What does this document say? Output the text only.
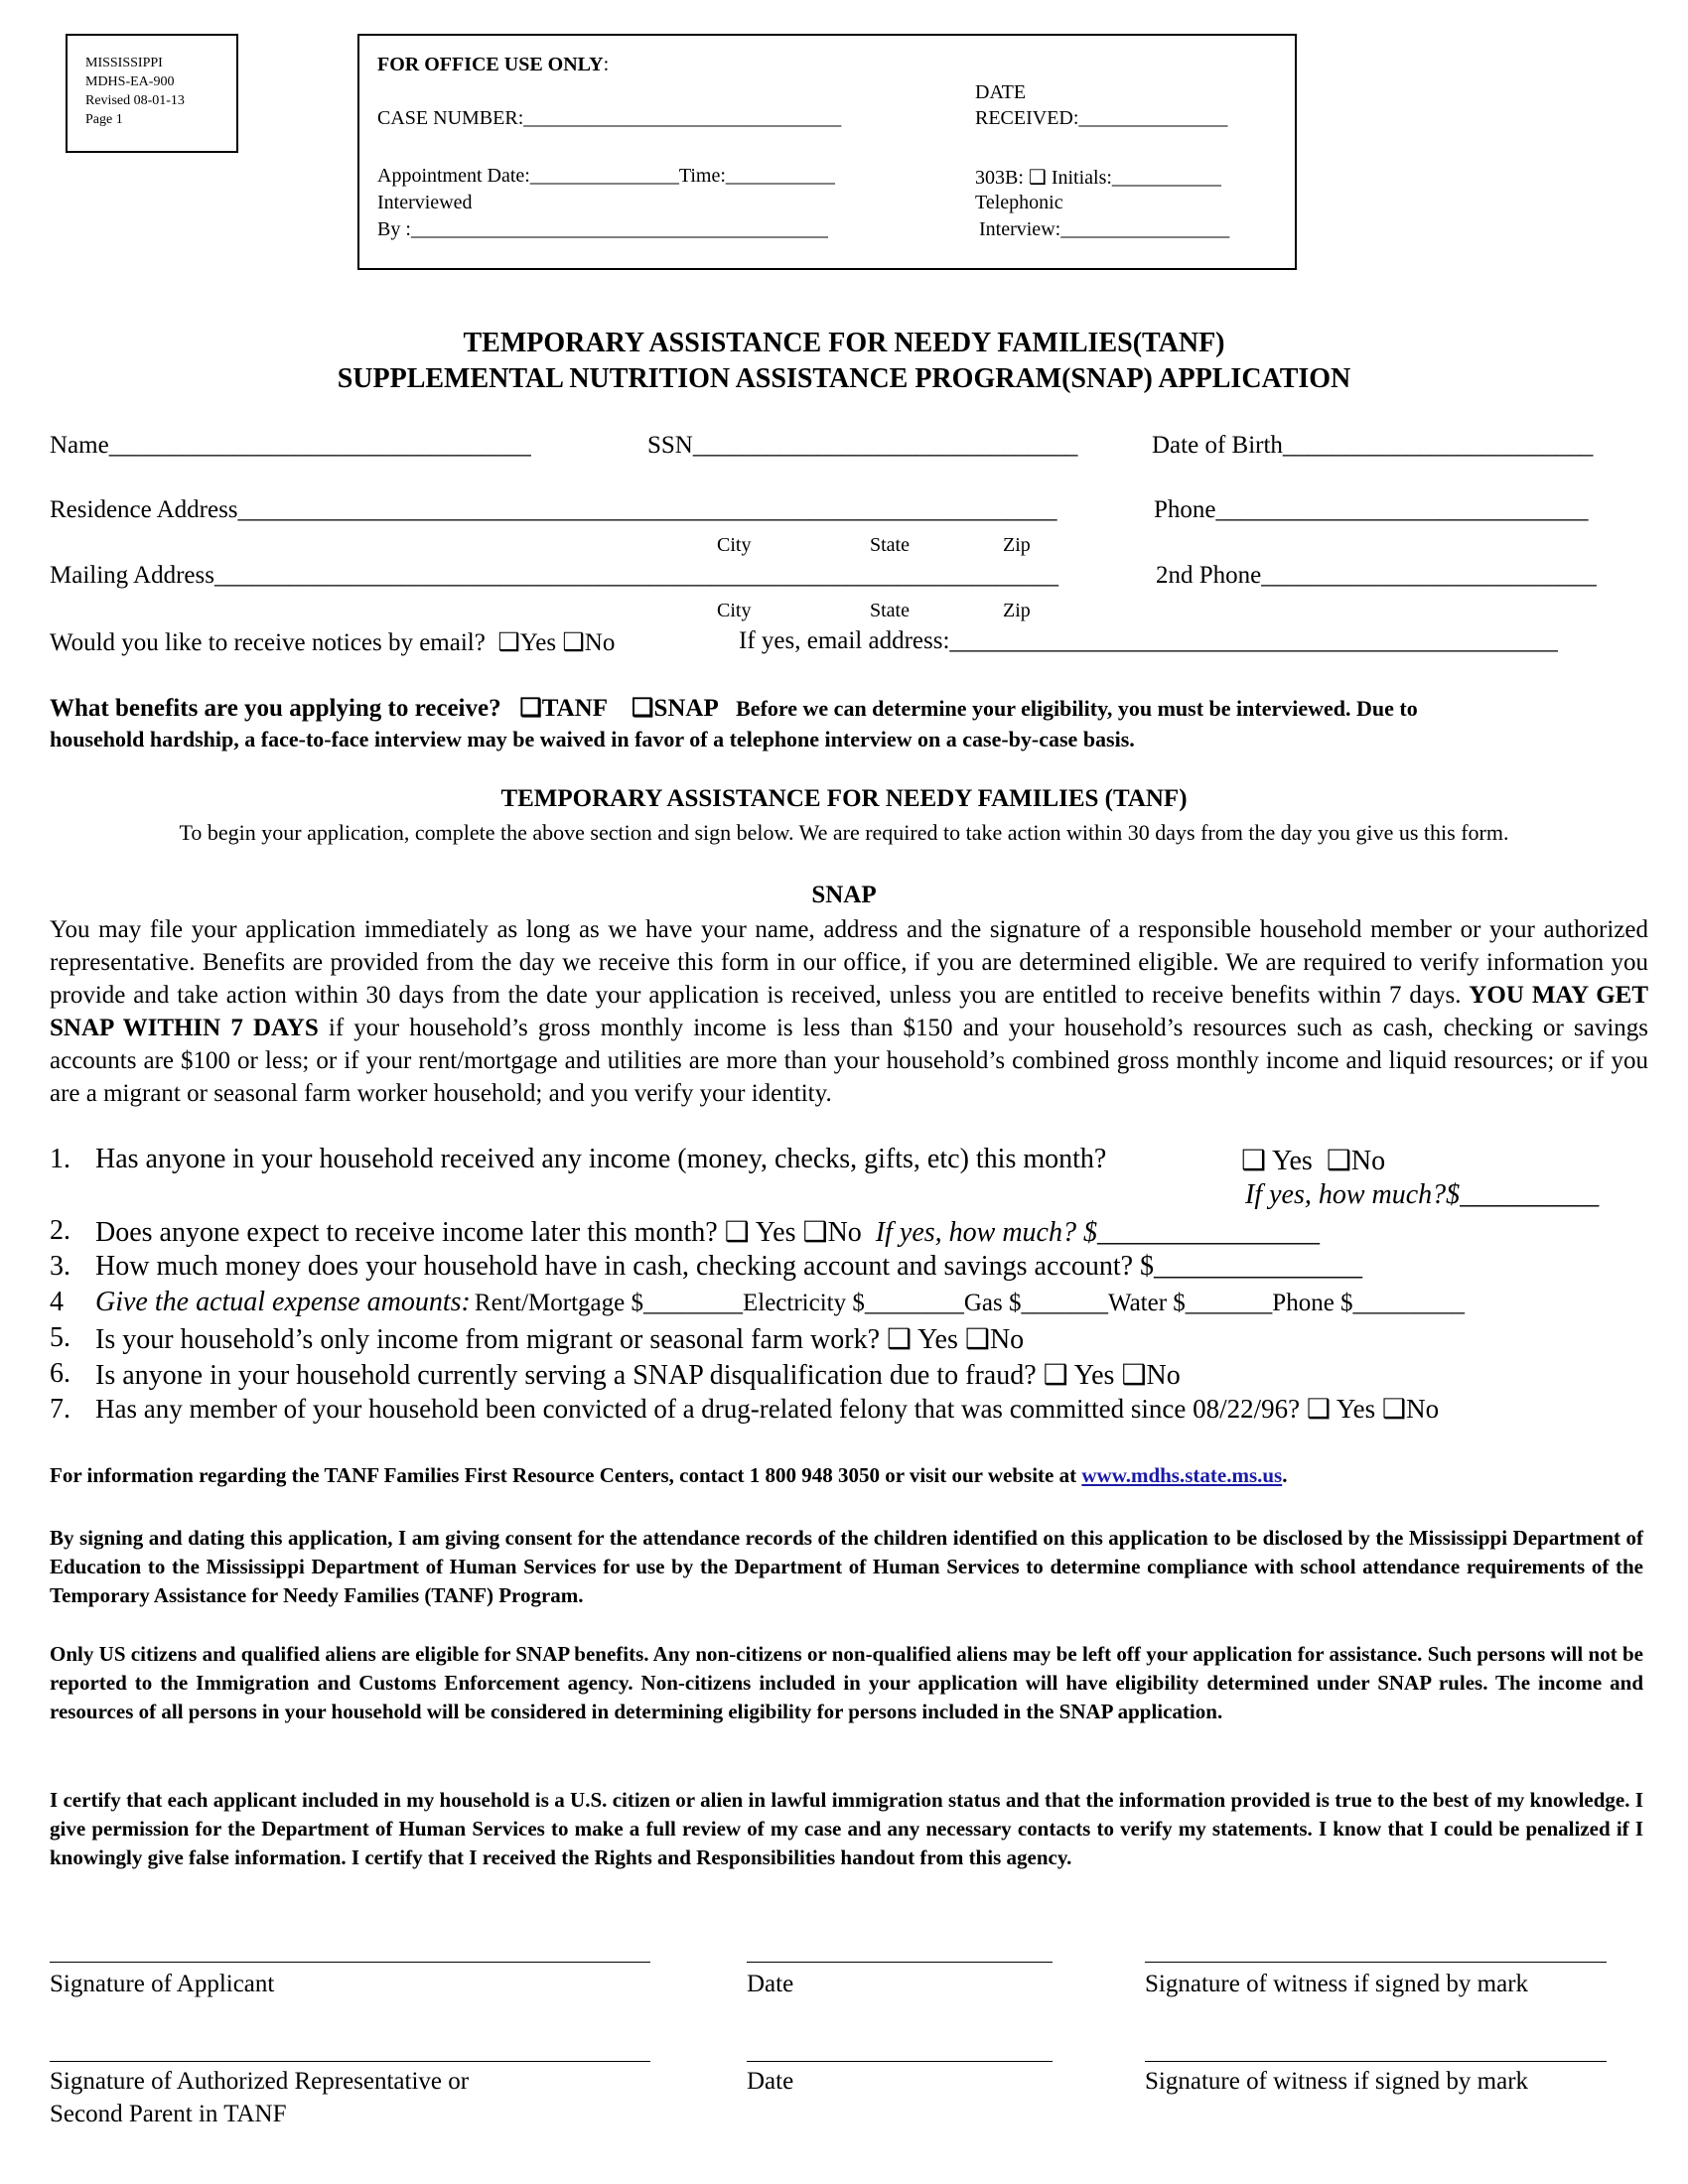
MISSISSIPPI
MDHS-EA-900
Revised 08-01-13
Page 1
FOR OFFICE USE ONLY:
CASE NUMBER:________________________________
DATE
RECEIVED:_______________
Appointment Date:_______________Time:___________
Interviewed
By :__________________________________________
303B: ❑ Initials:___________
Telephonic
Interview:_________________
TEMPORARY ASSISTANCE FOR NEEDY FAMILIES(TANF)
SUPPLEMENTAL NUTRITION ASSISTANCE PROGRAM(SNAP) APPLICATION
Name__________________________________	SSN_______________________________	Date of Birth_________________________
Residence Address__________________________________________________________________	Phone______________________________
City	State	Zip
Mailing Address____________________________________________________________________	2nd Phone___________________________
City	State	Zip
Would you like to receive notices by email? ❑Yes ❑No	If yes, email address:_________________________________________________
What benefits are you applying to receive? ❑TANF ❑SNAP Before we can determine your eligibility, you must be interviewed. Due to
household hardship, a face-to-face interview may be waived in favor of a telephone interview on a case-by-case basis.
TEMPORARY ASSISTANCE FOR NEEDY FAMILIES (TANF)
To begin your application, complete the above section and sign below. We are required to take action within 30 days from the day you give us this form.
SNAP
You may file your application immediately as long as we have your name, address and the signature of a responsible household member or your authorized representative. Benefits are provided from the day we receive this form in our office, if you are determined eligible. We are required to verify information you provide and take action within 30 days from the date your application is received, unless you are entitled to receive benefits within 7 days. YOU MAY GET SNAP WITHIN 7 DAYS if your household’s gross monthly income is less than $150 and your household’s resources such as cash, checking or savings accounts are $100 or less; or if your rent/mortgage and utilities are more than your household’s combined gross monthly income and liquid resources; or if you are a migrant or seasonal farm worker household; and you verify your identity.
1. Has anyone in your household received any income (money, checks, gifts, etc) this month?	❑ Yes ❑No
If yes, how much?$__________
2. Does anyone expect to receive income later this month? ❑ Yes ❑No If yes, how much? $________________
3. How much money does your household have in cash, checking account and savings account? $_______________
4 Give the actual expense amounts: Rent/Mortgage $________Electricity $________Gas $_______Water $_______Phone $_________
5. Is your household’s only income from migrant or seasonal farm work? ❑ Yes ❑No
6. Is anyone in your household currently serving a SNAP disqualification due to fraud? ❑ Yes ❑No
7. Has any member of your household been convicted of a drug-related felony that was committed since 08/22/96? ❑ Yes ❑No
For information regarding the TANF Families First Resource Centers, contact 1 800 948 3050 or visit our website at www.mdhs.state.ms.us.
By signing and dating this application, I am giving consent for the attendance records of the children identified on this application to be disclosed by the Mississippi Department of Education to the Mississippi Department of Human Services for use by the Department of Human Services to determine compliance with school attendance requirements of the Temporary Assistance for Needy Families (TANF) Program.
Only US citizens and qualified aliens are eligible for SNAP benefits. Any non-citizens or non-qualified aliens may be left off your application for assistance. Such persons will not be reported to the Immigration and Customs Enforcement agency. Non-citizens included in your application will have eligibility determined under SNAP rules. The income and resources of all persons in your household will be considered in determining eligibility for persons included in the SNAP application.
I certify that each applicant included in my household is a U.S. citizen or alien in lawful immigration status and that the information provided is true to the best of my knowledge. I give permission for the Department of Human Services to make a full review of my case and any necessary contacts to verify my statements. I know that I could be penalized if I knowingly give false information. I certify that I received the Rights and Responsibilities handout from this agency.
Signature of Applicant	Date	Signature of witness if signed by mark
Signature of Authorized Representative or
Second Parent in TANF
Date	Signature of witness if signed by mark
